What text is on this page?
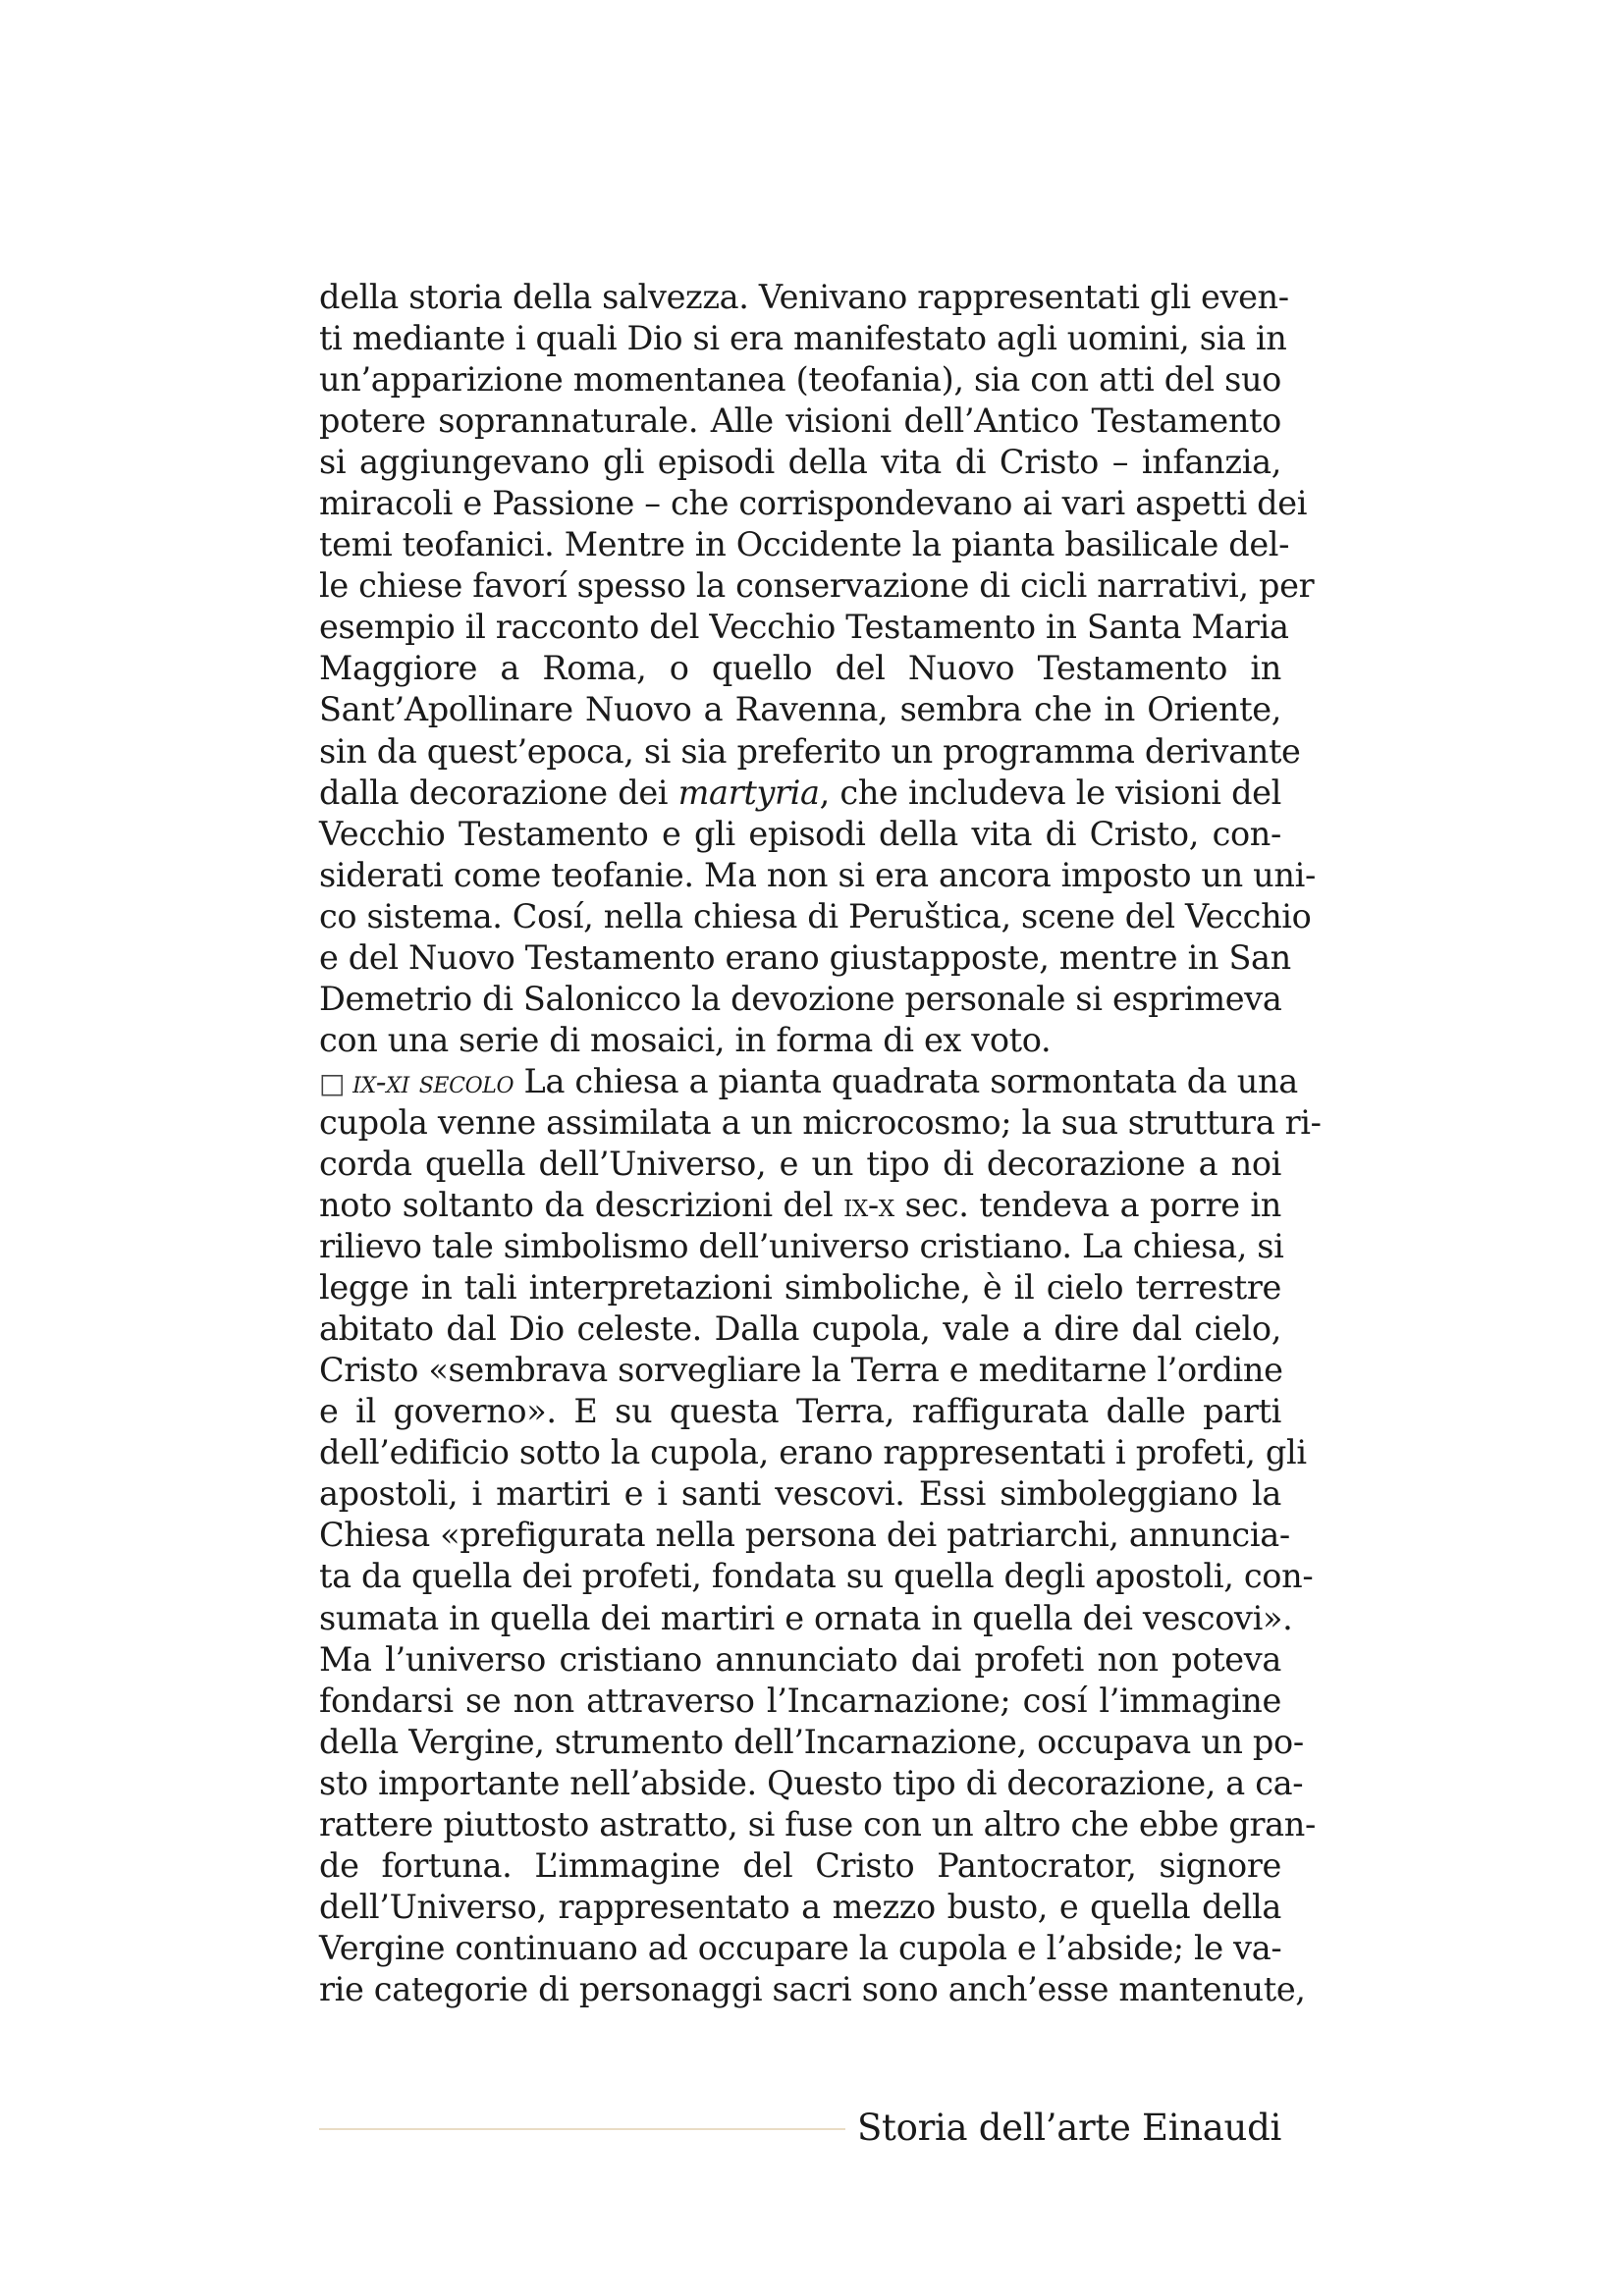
della storia della salvezza. Venivano rappresentati gli even-
ti mediante i quali Dio si era manifestato agli uomini, sia in
un’apparizione momentanea (teofania), sia con atti del suo
potere soprannaturale. Alle visioni dell’Antico Testamento
si aggiungevano gli episodi della vita di Cristo – infanzia,
miracoli e Passione – che corrispondevano ai vari aspetti dei
temi teofanici. Mentre in Occidente la pianta basilicale del-
le chiese favorí spesso la conservazione di cicli narrativi, per
esempio il racconto del Vecchio Testamento in Santa Maria
Maggiore a Roma, o quello del Nuovo Testamento in
Sant’Apollinare Nuovo a Ravenna, sembra che in Oriente,
sin da quest’epoca, si sia preferito un programma derivante
dalla decorazione dei martyria, che includeva le visioni del
Vecchio Testamento e gli episodi della vita di Cristo, con-
siderati come teofanie. Ma non si era ancora imposto un uni-
co sistema. Cosí, nella chiesa di Peruštica, scene del Vecchio
e del Nuovo Testamento erano giustapposte, mentre in San
Demetrio di Salonicco la devozione personale si esprimeva
con una serie di mosaici, in forma di ex voto.
□ ix-xi secolo La chiesa a pianta quadrata sormontata da una
cupola venne assimilata a un microcosmo; la sua struttura ri-
corda quella dell’Universo, e un tipo di decorazione a noi
noto soltanto da descrizioni del ix-x sec. tendeva a porre in
rilievo tale simbolismo dell’universo cristiano. La chiesa, si
legge in tali interpretazioni simboliche, è il cielo terrestre
abitato dal Dio celeste. Dalla cupola, vale a dire dal cielo,
Cristo «sembrava sorvegliare la Terra e meditarne l’ordine
e il governo». E su questa Terra, raffigurata dalle parti
dell’edificio sotto la cupola, erano rappresentati i profeti, gli
apostoli, i martiri e i santi vescovi. Essi simboleggiano la
Chiesa «prefigurata nella persona dei patriarchi, annuncia-
ta da quella dei profeti, fondata su quella degli apostoli, con-
sumata in quella dei martiri e ornata in quella dei vescovi».
Ma l’universo cristiano annunciato dai profeti non poteva
fondarsi se non attraverso l’Incarnazione; cosí l’immagine
della Vergine, strumento dell’Incarnazione, occupava un po-
sto importante nell’abside. Questo tipo di decorazione, a ca-
rattere piuttosto astratto, si fuse con un altro che ebbe gran-
de fortuna. L’immagine del Cristo Pantocrator, signore
dell’Universo, rappresentato a mezzo busto, e quella della
Vergine continuano ad occupare la cupola e l’abside; le va-
rie categorie di personaggi sacri sono anch’esse mantenute,
Storia dell’arte Einaudi
